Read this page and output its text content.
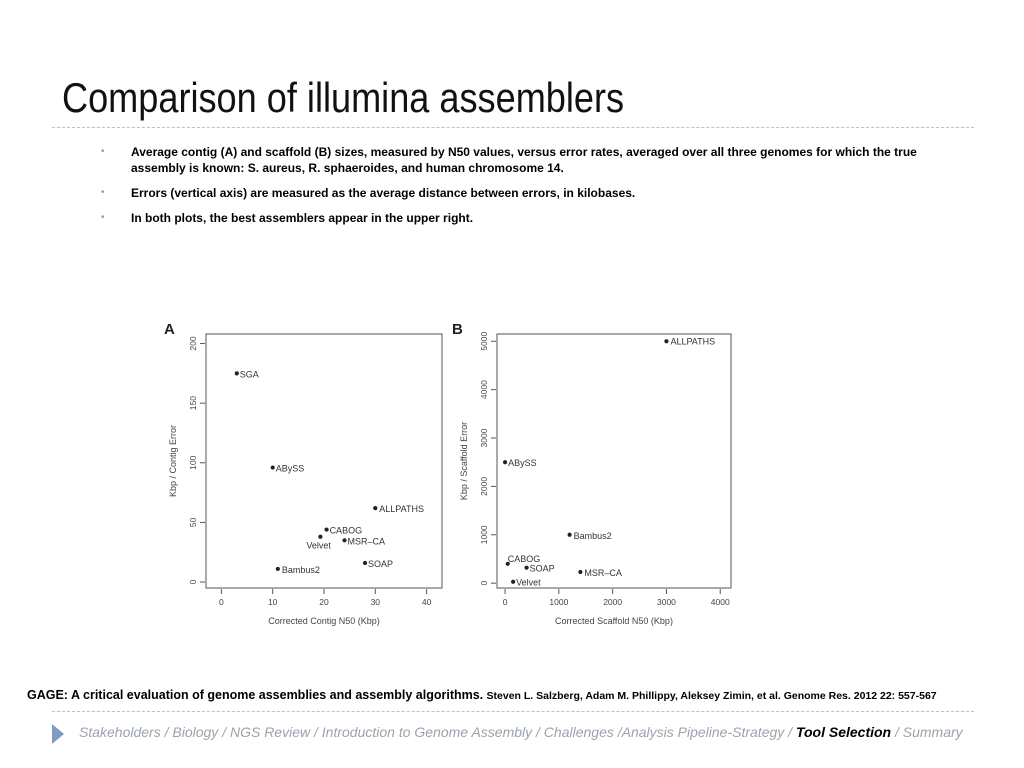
Comparison of illumina assemblers
• Average contig (A) and scaffold (B) sizes, measured by N50 values, versus error rates, averaged over all three genomes for which the true assembly is known: S. aureus, R. sphaeroides, and human chromosome 14.
• Errors (vertical axis) are measured as the average distance between errors, in kilobases.
• In both plots, the best assemblers appear in the upper right.
A
0	10	20	30	40
0
50
100
150
200
Corrected Contig N50 (Kbp)
Kbp / Contig Error
SGA
ABySS
ALLPATHS
CABOG
Velvet MSR–CA
SOAP
Bambus2
B
0	1000	2000	3000	4000
0
1000
2000
3000
4000
5000
Corrected Scaffold N50 (Kbp)
Kbp / Scaffold Error
ALLPATHS
ABySS
Bambus2
CABOG
SOAP	MSR–CA
Velvet
GAGE: A critical evaluation of genome assemblies and assembly algorithms. Steven L. Salzberg, Adam M. Phillippy, Aleksey Zimin, et al. Genome Res. 2012 22: 557-567
Stakeholders / Biology / NGS Review / Introduction to Genome Assembly / Challenges /Analysis Pipeline-Strategy / Tool Selection / Summary
